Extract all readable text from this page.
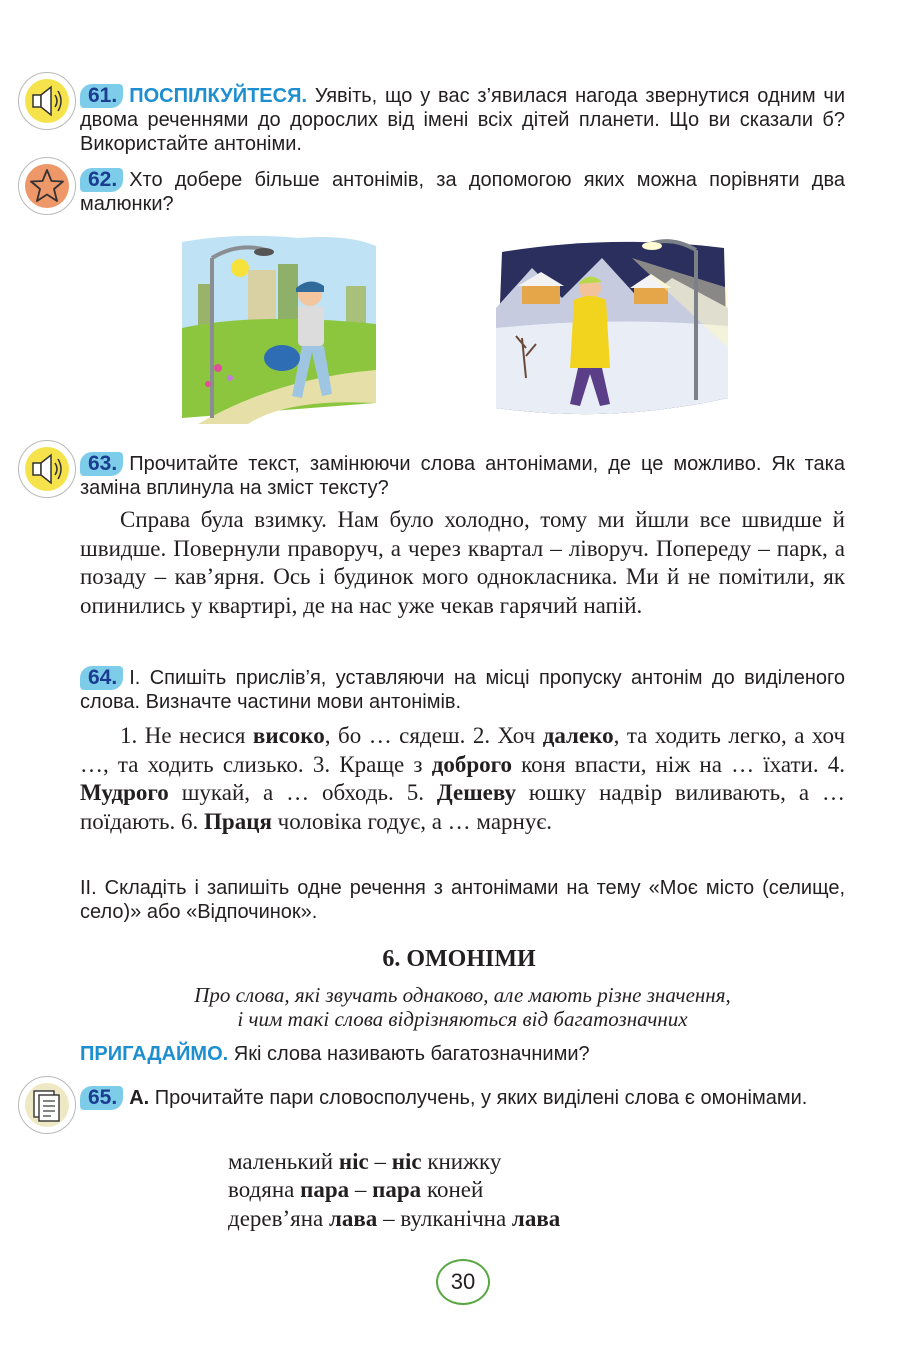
61. ПОСПІЛКУЙТЕСЯ. Уявіть, що у вас з’явилася нагода звернутися одним чи двома реченнями до дорослих від імені всіх дітей планети. Що ви сказали б? Використайте антоніми.
62. Хто добере більше антонімів, за допомогою яких можна порівняти два малюнки?
63. Прочитайте текст, замінюючи слова антонімами, де це можливо. Як така заміна вплинула на зміст тексту?
Справа була взимку. Нам було холодно, тому ми йшли все швидше й швидше. Повернули праворуч, а через квартал – ліворуч. Попереду – парк, а позаду – кав’ярня. Ось і будинок мого однокласника. Ми й не помітили, як опинились у квартирі, де на нас уже чекав гарячий напій.
64. І. Спишіть прислів’я, уставляючи на місці пропуску антонім до виділеного слова. Визначте частини мови антонімів.
1. Не несися високо, бо … сядеш. 2. Хоч далеко, та ходить легко, а хоч …, та ходить слизько. 3. Краще з доброго коня впасти, ніж на … їхати. 4. Мудрого шукай, а … обходь. 5. Дешеву юшку надвір виливають, а … поїдають. 6. Праця чоловіка годує, а … марнує.
ІІ. Складіть і запишіть одне речення з антонімами на тему «Моє місто (селище, село)» або «Відпочинок».
6. ОМОНІМИ
Про слова, які звучать однаково, але мають різне значення,
і чим такі слова відрізняються від багатозначних
ПРИГАДАЙМО. Які слова називають багатозначними?
65. А. Прочитайте пари словосполучень, у яких виділені слова є омонімами.
маленький ніс – ніс книжку
водяна пара – пара коней
дерев’яна лава – вулканічна лава
30
